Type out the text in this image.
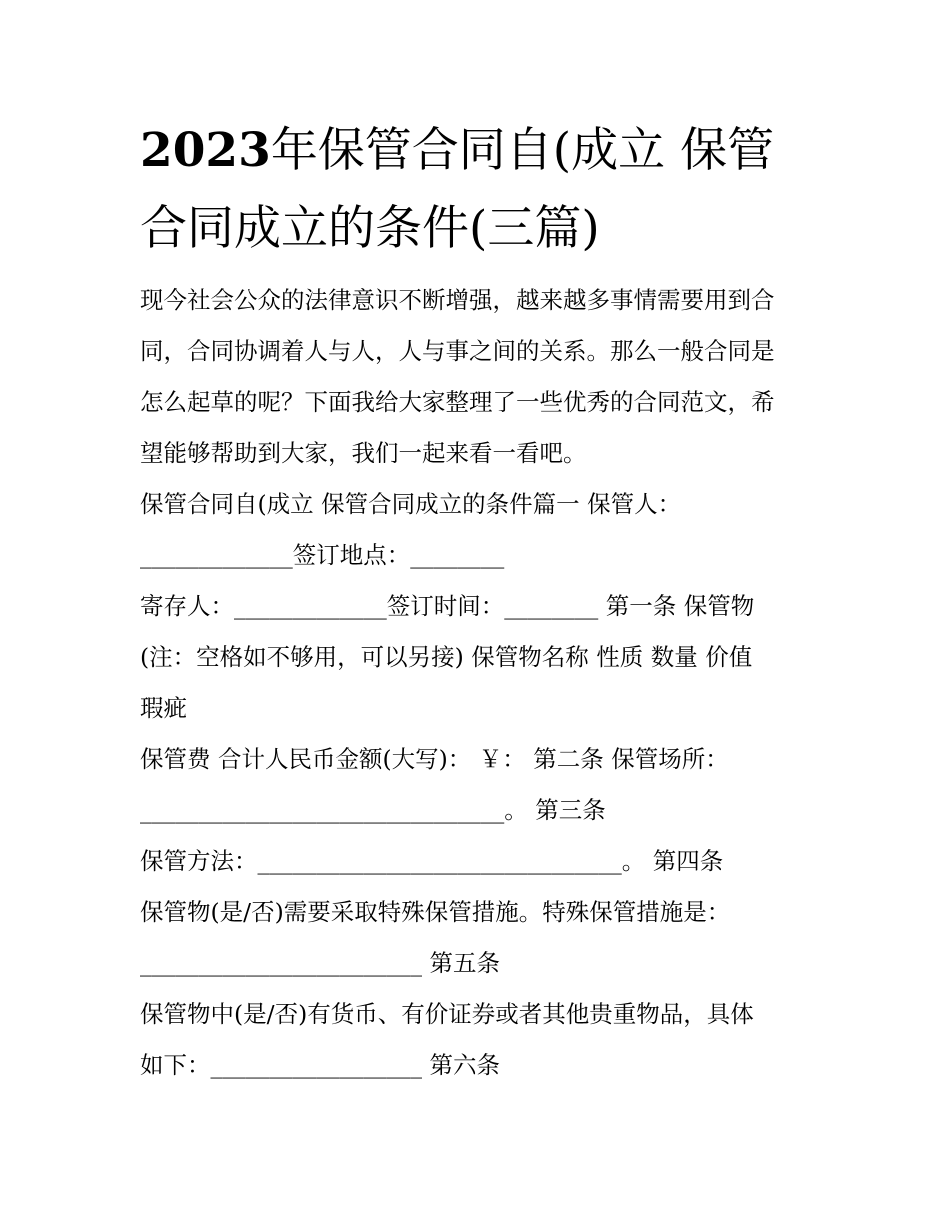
2023年保管合同自(成立 保管
合同成立的条件(三篇)

现今社会公众的法律意识不断增强，越来越多事情需要用到合

同，合同协调着人与人，人与事之间的关系。那么一般合同是

怎么起草的呢？下面我给大家整理了一些优秀的合同范文，希

望能够帮助到大家，我们一起来看一看吧。

保管合同自(成立 保管合同成立的条件篇一 保管人：

_____________签订地点：________

寄存人：_____________签订时间：________ 第一条 保管物

(注：空格如不够用，可以另接) 保管物名称 性质 数量 价值

瑕疵

保管费 合计人民币金额(大写)： ￥： 第二条 保管场所：

_______________________________。 第三条

保管方法：_______________________________。 第四条

保管物(是/否)需要采取特殊保管措施。特殊保管措施是：

________________________ 第五条

保管物中(是/否)有货币、有价证券或者其他贵重物品，具体

如下：__________________ 第六条
